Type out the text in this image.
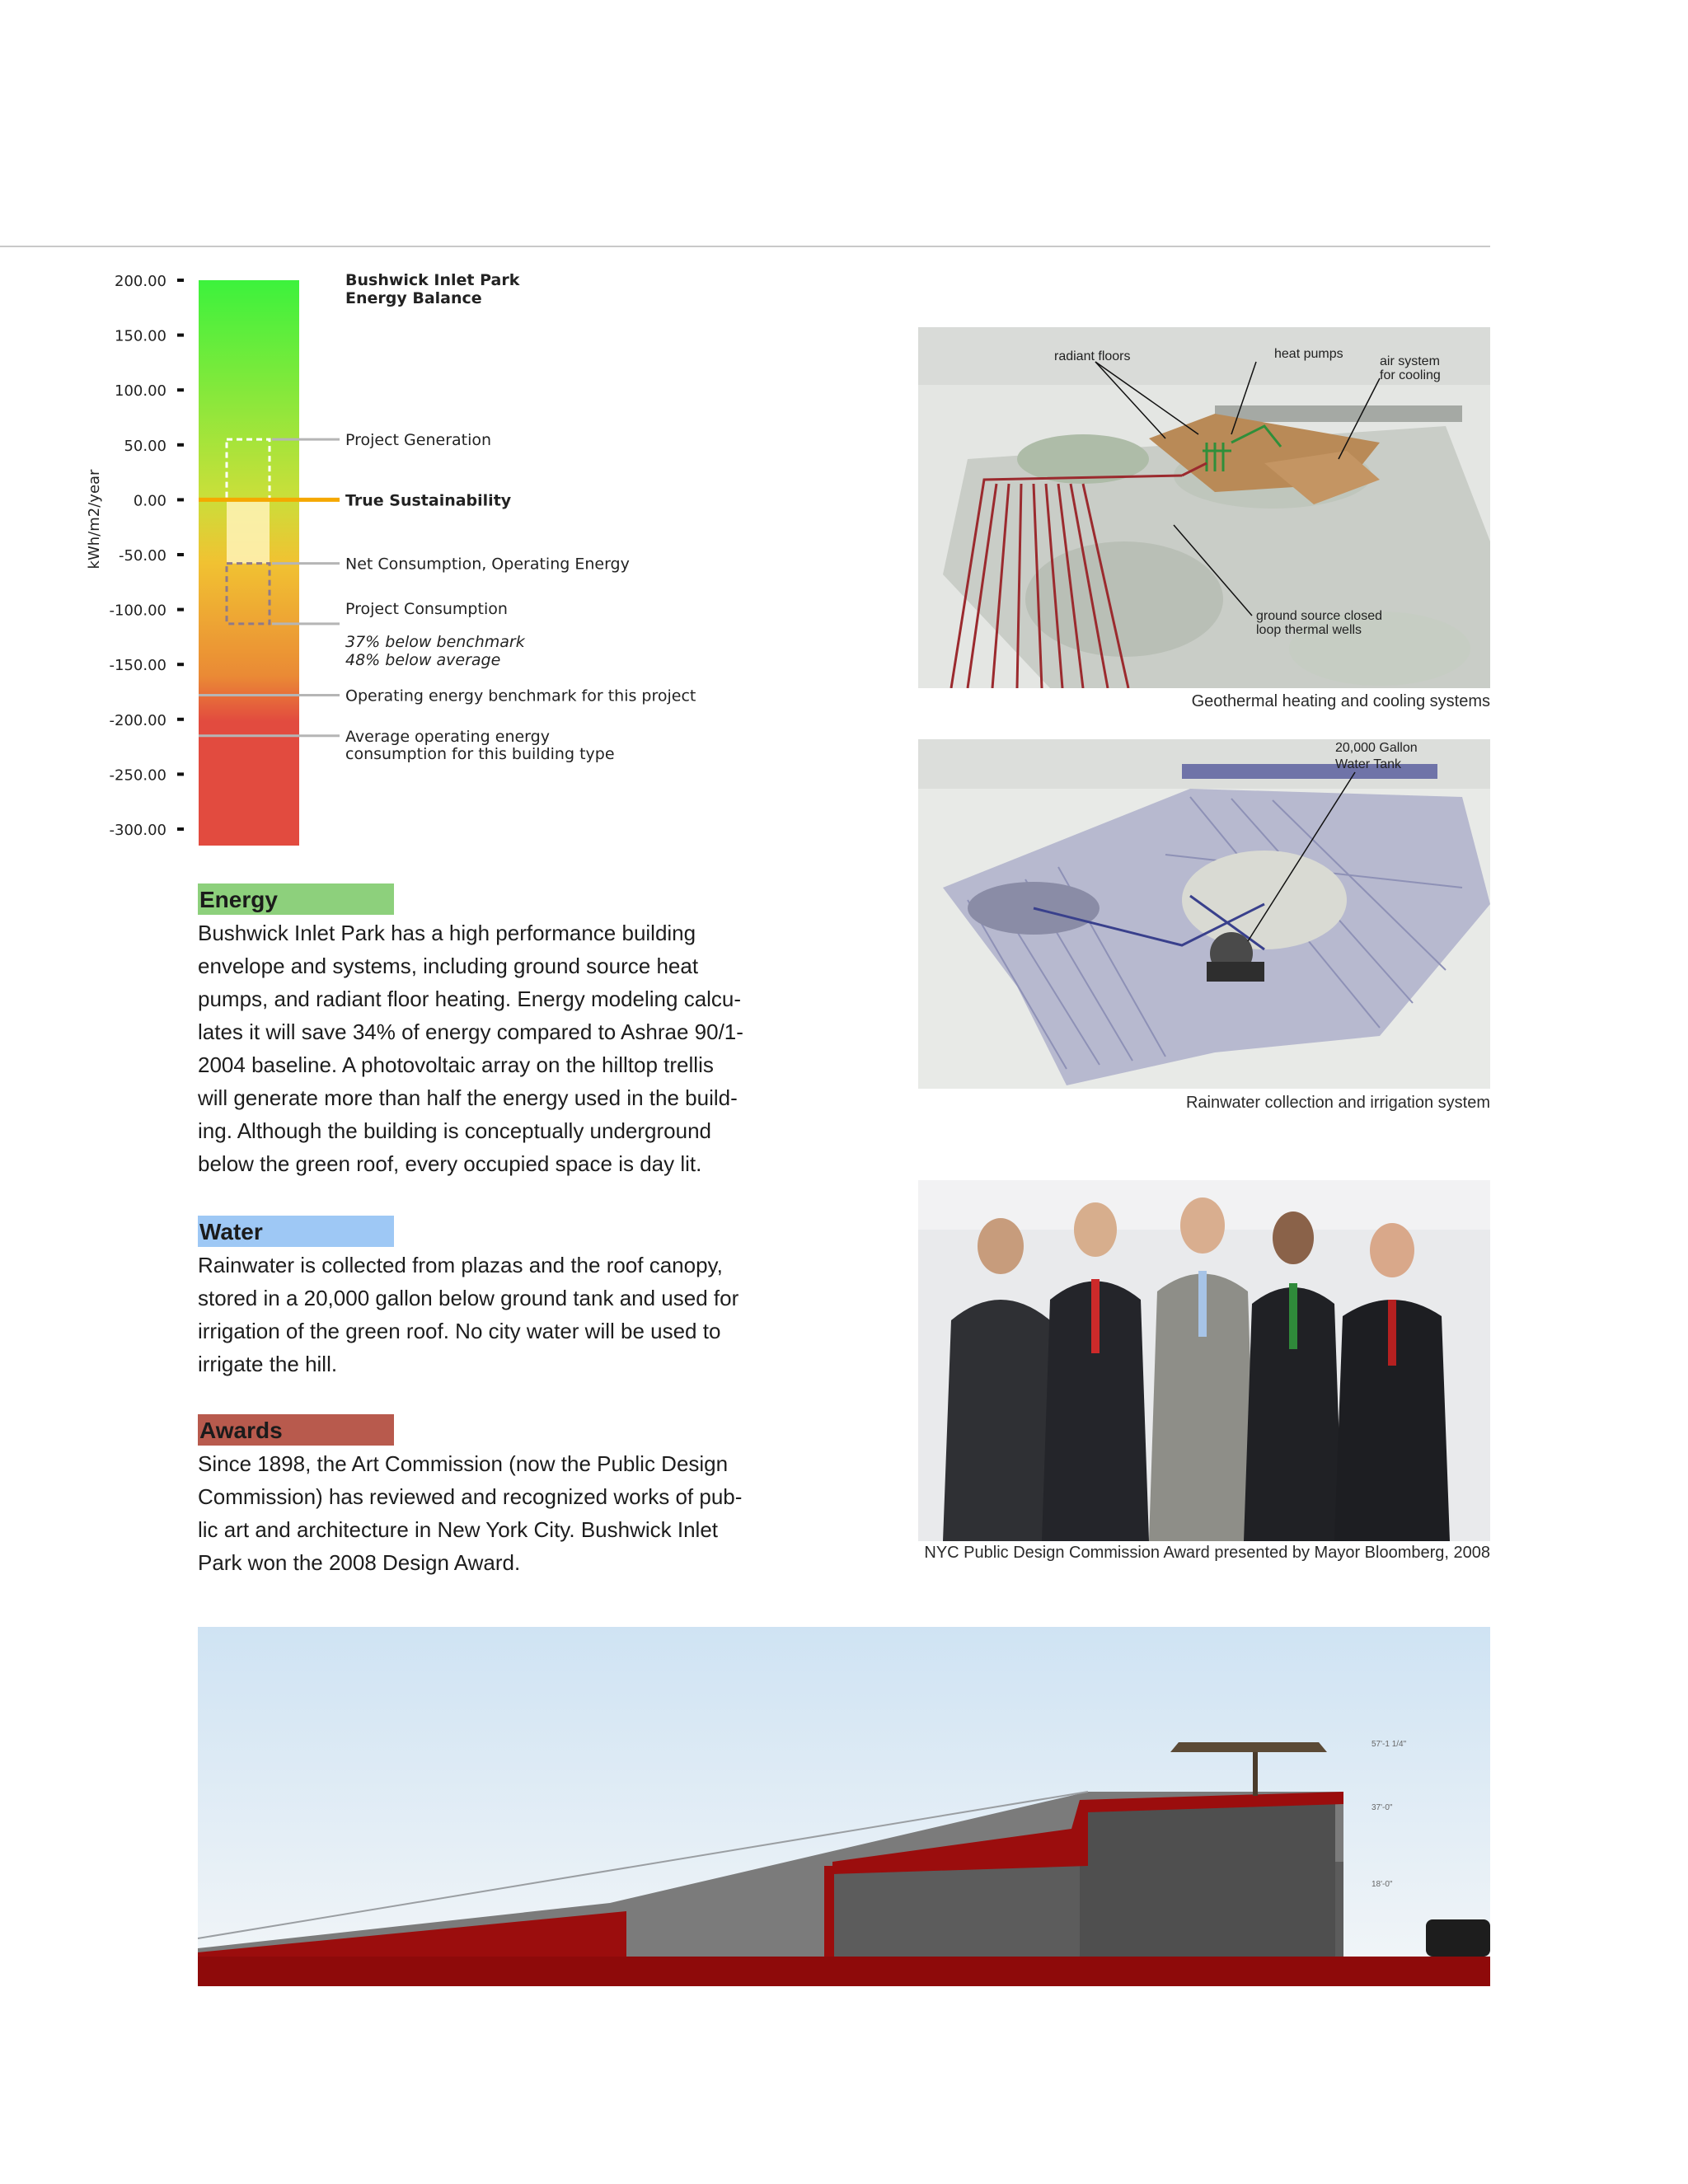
200.00
150.00
100.00
50.00
0.00
-50.00
-100.00
-150.00
-200.00
-250.00
-300.00
Project Generation
True Sustainability
Net Consumption, Operating Energy
Project Consumption
37% below benchmark
48% below average
Operating energy benchmark for this project
Average operating energy consumption for this building type
kWh/m2/year
Bushwick Inlet Park Energy Balance
Energy
Bushwick Inlet Park has a high performance building
envelope and systems, including ground source heat
pumps, and radiant floor heating. Energy modeling calcu-
lates it will save 34% of energy compared to Ashrae 90/1-
2004 baseline. A photovoltaic array on the hilltop trellis
will generate more than half the energy used in the build-
ing. Although the building is conceptually underground
below the green roof, every occupied space is day lit.
Water
Rainwater is collected from plazas and the roof canopy,
stored in a 20,000 gallon below ground tank and used for
irrigation of the green roof. No city water will be used to
irrigate the hill.
Awards
Since 1898, the Art Commission (now the Public Design
Commission) has reviewed and recognized works of pub-
lic art and architecture in New York City. Bushwick Inlet
Park won the 2008 Design Award.
radiant floors	heat pumps
air system for cooling
ground source closed loop thermal wells
Geothermal heating and cooling systems
20,000 Gallon Water Tank
Rainwater collection and irrigation system
NYC Public Design Commission Award presented by Mayor Bloomberg, 2008
57'-1 1/4"
37'-0"
18'-0"
